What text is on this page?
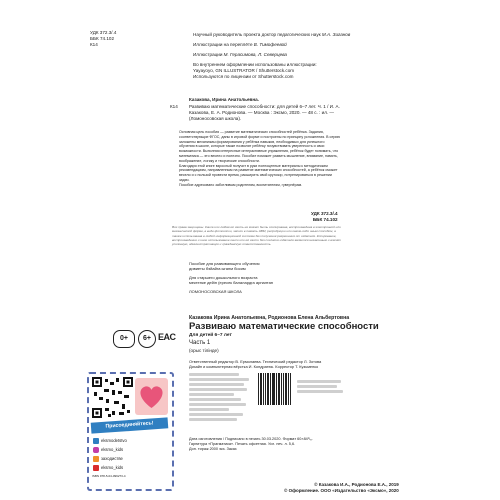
УДК 372.3/.4
ББК 74.102
К14
Научный руководитель проекта доктор педагогических наук М.А. Зиганов
Иллюстрации на переплёте В. Тимофеевой
Иллюстрации М. Герасимова, Л. Северцева
Во внутреннем оформлении использованы иллюстрации:
Yayayoyo, GN ILLUSTRATOR / Shutterstock.com
Используются по лицензии от Shutterstock.com
Казакова, Ирина Анатольевна.
К14 Развиваю математические способности: для детей 6–7 лет. Ч. 1 / И. А. Казакова, Е. А. Родионова. — Москва : Эксмо, 2020. — 48 с. : ил. — (Ломоносовская школа).
Основная цель пособия — развитие математических способностей ребёнка. Задания, соответствующие ФГОС, даны в игровой форме и построены по принципу усложнения. В серию заложены механизмы формирования у ребёнка навыков, необходимых для успешного обучения в школе, которые также позволят ребёнку почувствовать уверенность и свои возможности. Выполняя интересные интерактивные упражнения, ребёнок будет понимать, что математика — это весело и полезно. Пособие поможет развить мышление, внимание, память, воображение, логику и творческие способности.
Благодаря этой книге взрослый получит в руки полноценные материалы к методическим рекомендациям, направленным на развитие математических способностей, а ребёнок сможет весело и с пользой провести время, расширить свой кругозор, потренироваться в решении задач.
Пособие адресовано заботливым родителям, воспитателям, гувернёрам.
УДК 372.3/.4
ББК 74.102
Все права защищены. Книга или любая её часть не может быть скопирована, воспроизведена в электронной или механической форме, в виде фотокопии, записи в память ЭВМ, репродукции или каким-либо иным способом, а также использована в любой информационной системе без получения разрешения от издателя. Копирование, воспроизведение и иное использование книги или её части без согласия издателя является незаконным и влечёт уголовную, административную и гражданскую ответственность.
Пособие для развивающего обучения
дивиеты бэйайга ыганм босим
Для старшего дошкольного возраста
мектепке дейін (ересек балалардга арналған
ЛОМОНОСОВСКАЯ ШКОЛА
Казакова Ирина Анатольевна, Родионова Елена Альбертовна
Развиваю математические способности
Для детей 6–7 лет
Часть 1
(орыс тілінде)
Ответственный редактор В. Ермолаева. Технический редактор Л. Зотова
Дизайн и компьютерная вёрстка И. Кондратюк. Корректор Т. Кузьменко
Дата изготовления / Подписано в печать 30.03.2020. Формат 60×84¹/₈.
Гарнитура «Прагматика». Печать офсетная. Усл. печ. л. 5,6.
Доп. тираж 2000 экз. Заказ
© Казакова И.А., Родионова Е.А., 2019
© Оформление. ООО «Издательство «Эксмо», 2020
0+	6+ EAC
Присоединяйтесь!
eksmodetstvo
eksmo_kids
заходистве
eksmo_kids
ISBN 978-5-04-099273-4
